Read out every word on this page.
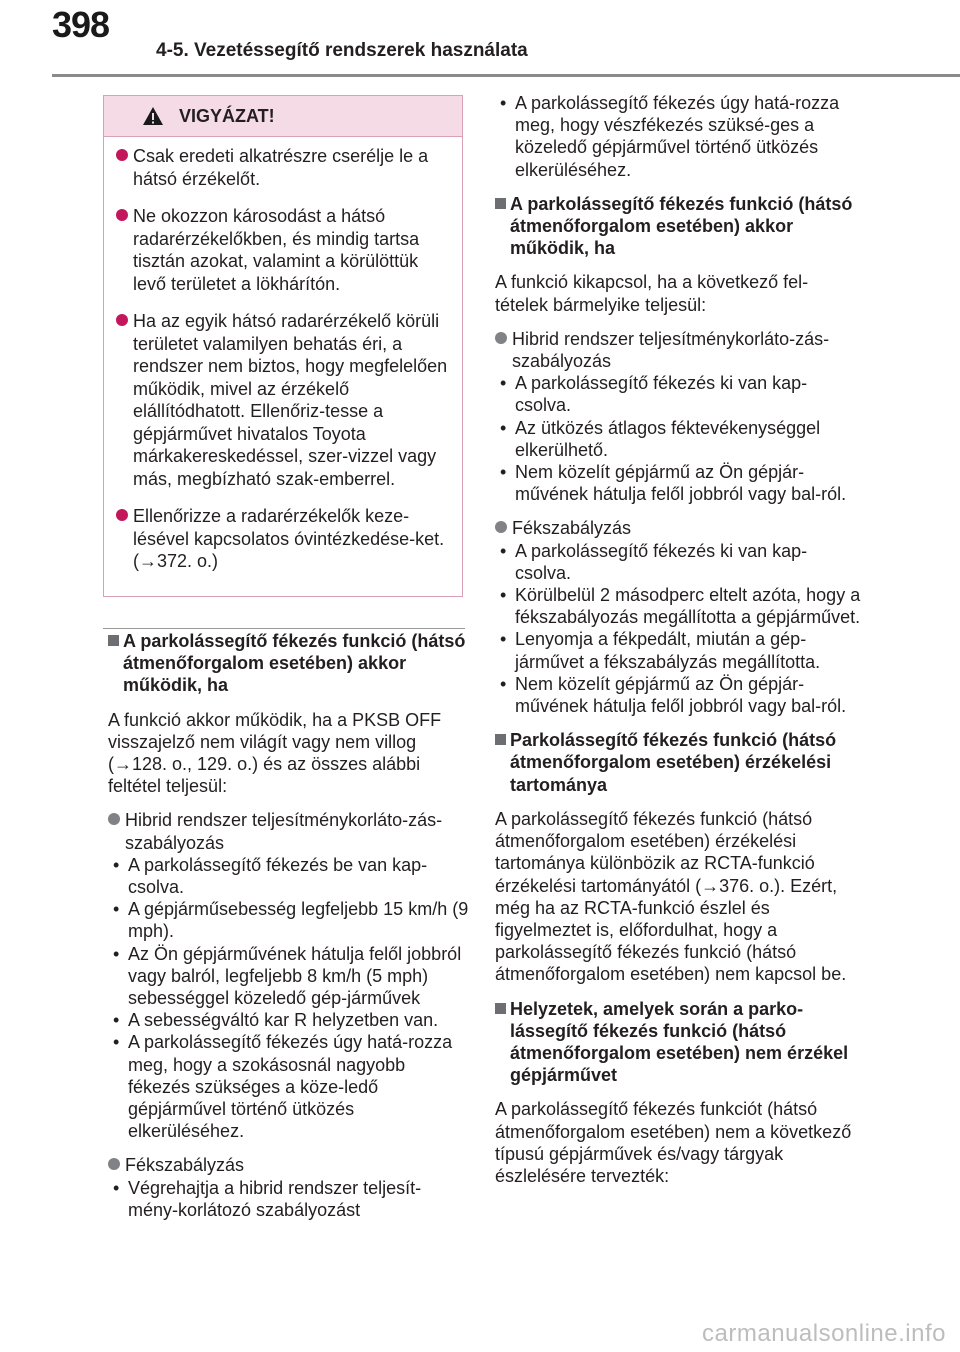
398
4-5. Vezetéssegítő rendszerek használata
VIGYÁZAT!
Csak eredeti alkatrészre cserélje le a hátsó érzékelőt.
Ne okozzon károsodást a hátsó radarérzékelőkben, és mindig tartsa tisztán azokat, valamint a körülöttük levő területet a lökhárítón.
Ha az egyik hátsó radarérzékelő körüli területet valamilyen behatás éri, a rendszer nem biztos, hogy megfelelően működik, mivel az érzékelő elállítódhatott. Ellenőriz-tesse a gépjárművet hivatalos Toyota márkakereskedéssel, szer-vizzel vagy más, megbízható szak-emberrel.
Ellenőrizze a radarérzékelők keze-lésével kapcsolatos óvintézkedése-ket. (→372. o.)
A parkolássegítő fékezés funkció (hátsó átmenőforgalom esetében) akkor működik, ha

A funkció akkor működik, ha a PKSB OFF visszajelző nem világít vagy nem villog (→128. o., 129. o.) és az összes alábbi feltétel teljesül:

Hibrid rendszer teljesítménykorláto-zás-szabályozás
• A parkolássegítő fékezés be van kap-csolva.
• A gépjárműsebesség legfeljebb 15 km/h (9 mph).
• Az Ön gépjárművének hátulja felől jobbról vagy balról, legfeljebb 8 km/h (5 mph) sebességgel közeledő gép-járművek
• A sebességváltó kar R helyzetben van.
• A parkolássegítő fékezés úgy hatá-rozza meg, hogy a szokásosnál nagyobb fékezés szükséges a köze-ledő gépjárművel történő ütközés elkerüléséhez.
Fékszabályzás
• Végrehajtja a hibrid rendszer teljesít-mény-korlátozó szabályozást
• A parkolássegítő fékezés úgy hatá-rozza meg, hogy vészfékezés szüksé-ges a közeledő gépjárművel történő ütközés elkerüléséhez.
A parkolássegítő fékezés funkció (hátsó átmenőforgalom esetében) akkor működik, ha

A funkció kikapcsol, ha a következő fel-tételek bármelyike teljesül:

Hibrid rendszer teljesítménykorláto-zás-szabályozás
• A parkolássegítő fékezés ki van kap-csolva.
• Az ütközés átlagos féktevékenységgel elkerülhető.
• Nem közelít gépjármű az Ön gépjár-művének hátulja felől jobbról vagy bal-ról.
Fékszabályzás
• A parkolássegítő fékezés ki van kap-csolva.
• Körülbelül 2 másodperc eltelt azóta, hogy a fékszabályozás megállította a gépjárművet.
• Lenyomja a fékpedált, miután a gép-járművet a fékszabályzás megállította.
• Nem közelít gépjármű az Ön gépjár-művének hátulja felől jobbról vagy bal-ról.
Parkolássegítő fékezés funkció (hátsó átmenőforgalom esetében) érzékelési tartománya

A parkolássegítő fékezés funkció (hátsó átmenőforgalom esetében) érzékelési tartománya különbözik az RCTA-funkció érzékelési tartományától (→376. o.). Ezért, még ha az RCTA-funkció észlel és figyelmeztet is, előfordulhat, hogy a parkolássegítő fékezés funkció (hátsó átmenőforgalom esetében) nem kapcsol be.

Helyzetek, amelyek során a parko-lássegítő fékezés funkció (hátsó átmenőforgalom esetében) nem érzékel gépjárművet

A parkolássegítő fékezés funkciót (hátsó átmenőforgalom esetében) nem a következő típusú gépjárművek és/vagy tárgyak észlelésére tervezték:

carmanualsonline.info
